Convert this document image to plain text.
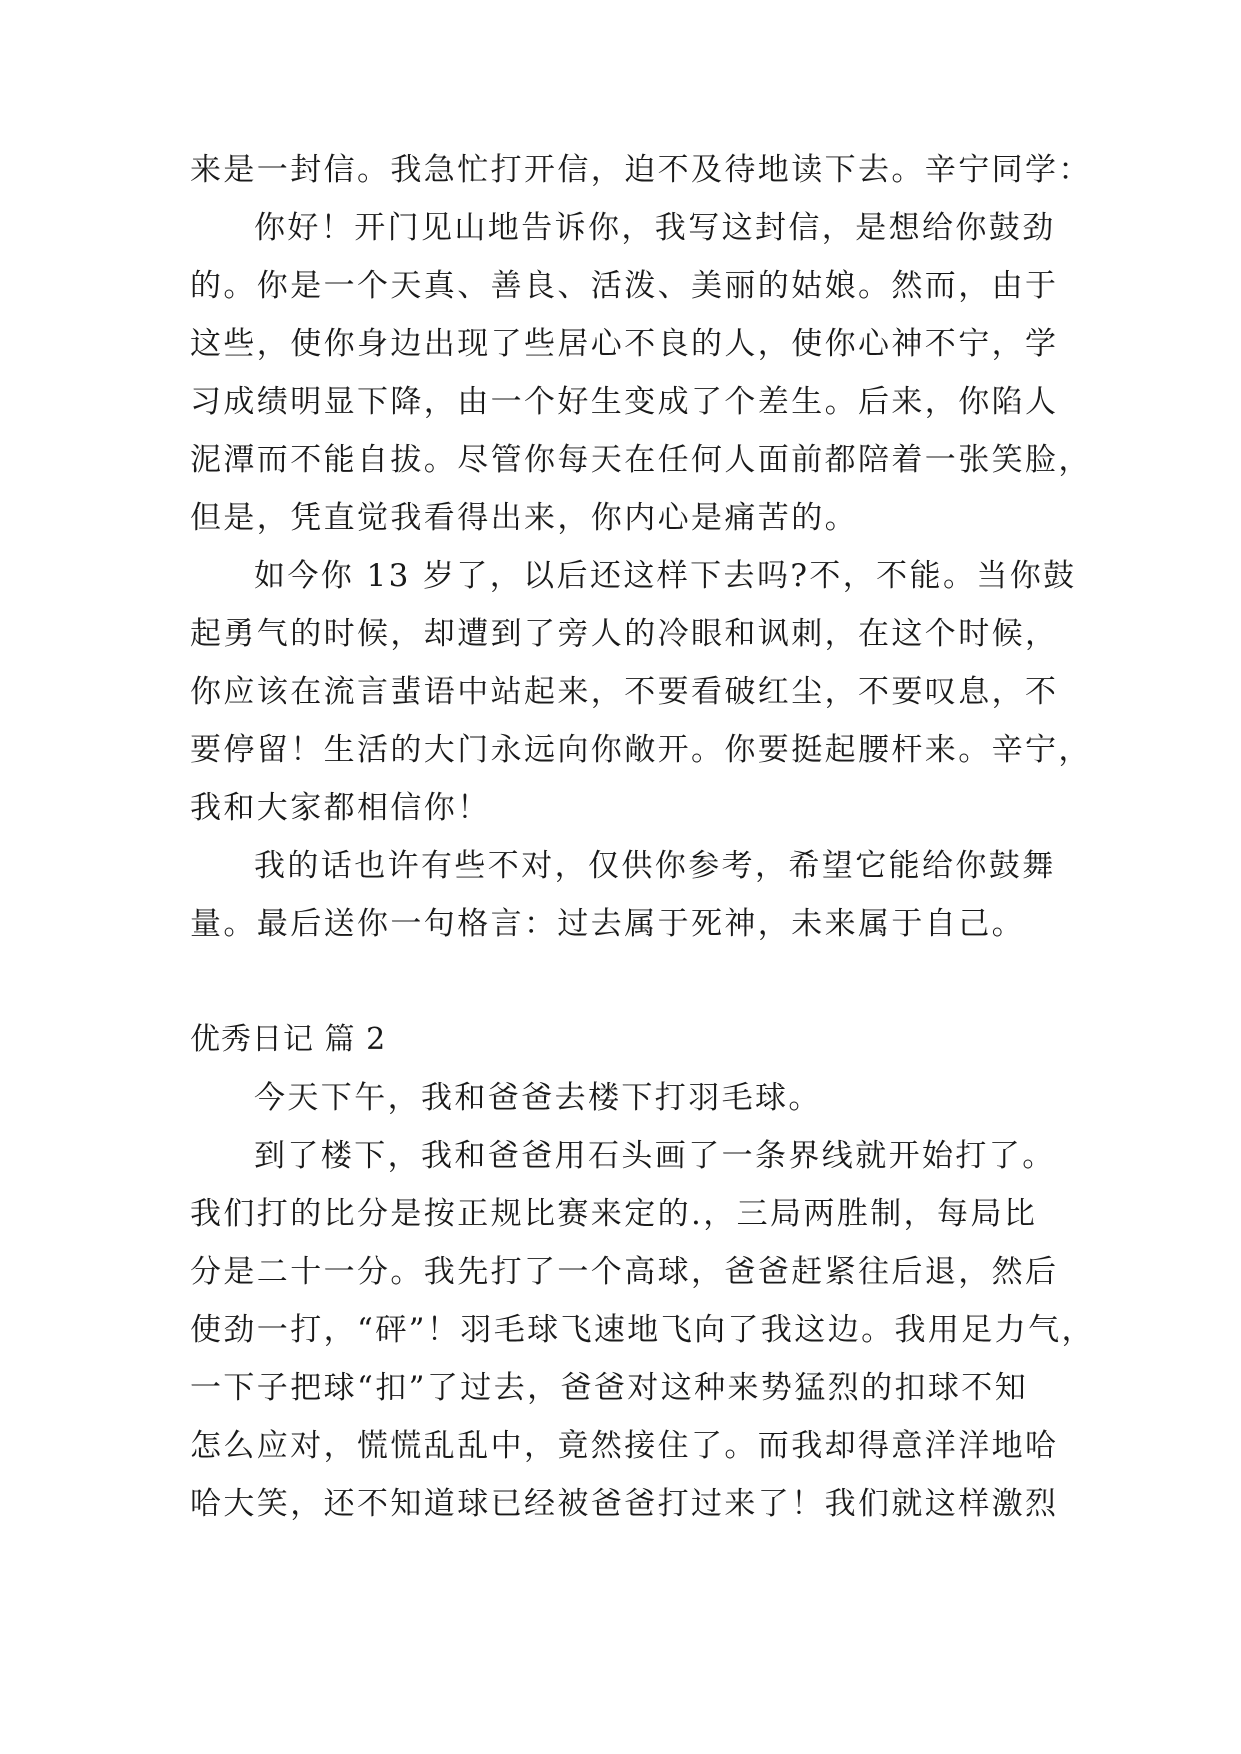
来是一封信。我急忙打开信，迫不及待地读下去。辛宁同学：
你好！开门见山地告诉你，我写这封信，是想给你鼓劲
的。你是一个天真、善良、活泼、美丽的姑娘。然而，由于
这些，使你身边出现了些居心不良的人，使你心神不宁，学
习成绩明显下降，由一个好生变成了个差生。后来，你陷人
泥潭而不能自拔。尽管你每天在任何人面前都陪着一张笑脸，
但是，凭直觉我看得出来，你内心是痛苦的。
如今你 13 岁了，以后还这样下去吗?不，不能。当你鼓
起勇气的时候，却遭到了旁人的冷眼和讽刺，在这个时候，
你应该在流言蜚语中站起来，不要看破红尘，不要叹息，不
要停留！生活的大门永远向你敞开。你要挺起腰杆来。辛宁，
我和大家都相信你！
我的话也许有些不对，仅供你参考，希望它能给你鼓舞
量。最后送你一句格言：过去属于死神，未来属于自己。
优秀日记 篇 2
今天下午，我和爸爸去楼下打羽毛球。
到了楼下，我和爸爸用石头画了一条界线就开始打了。
我们打的比分是按正规比赛来定的.，三局两胜制，每局比
分是二十一分。我先打了一个高球，爸爸赶紧往后退，然后
使劲一打，“砰”！羽毛球飞速地飞向了我这边。我用足力气，
一下子把球“扣”了过去，爸爸对这种来势猛烈的扣球不知
怎么应对，慌慌乱乱中，竟然接住了。而我却得意洋洋地哈
哈大笑，还不知道球已经被爸爸打过来了！我们就这样激烈
